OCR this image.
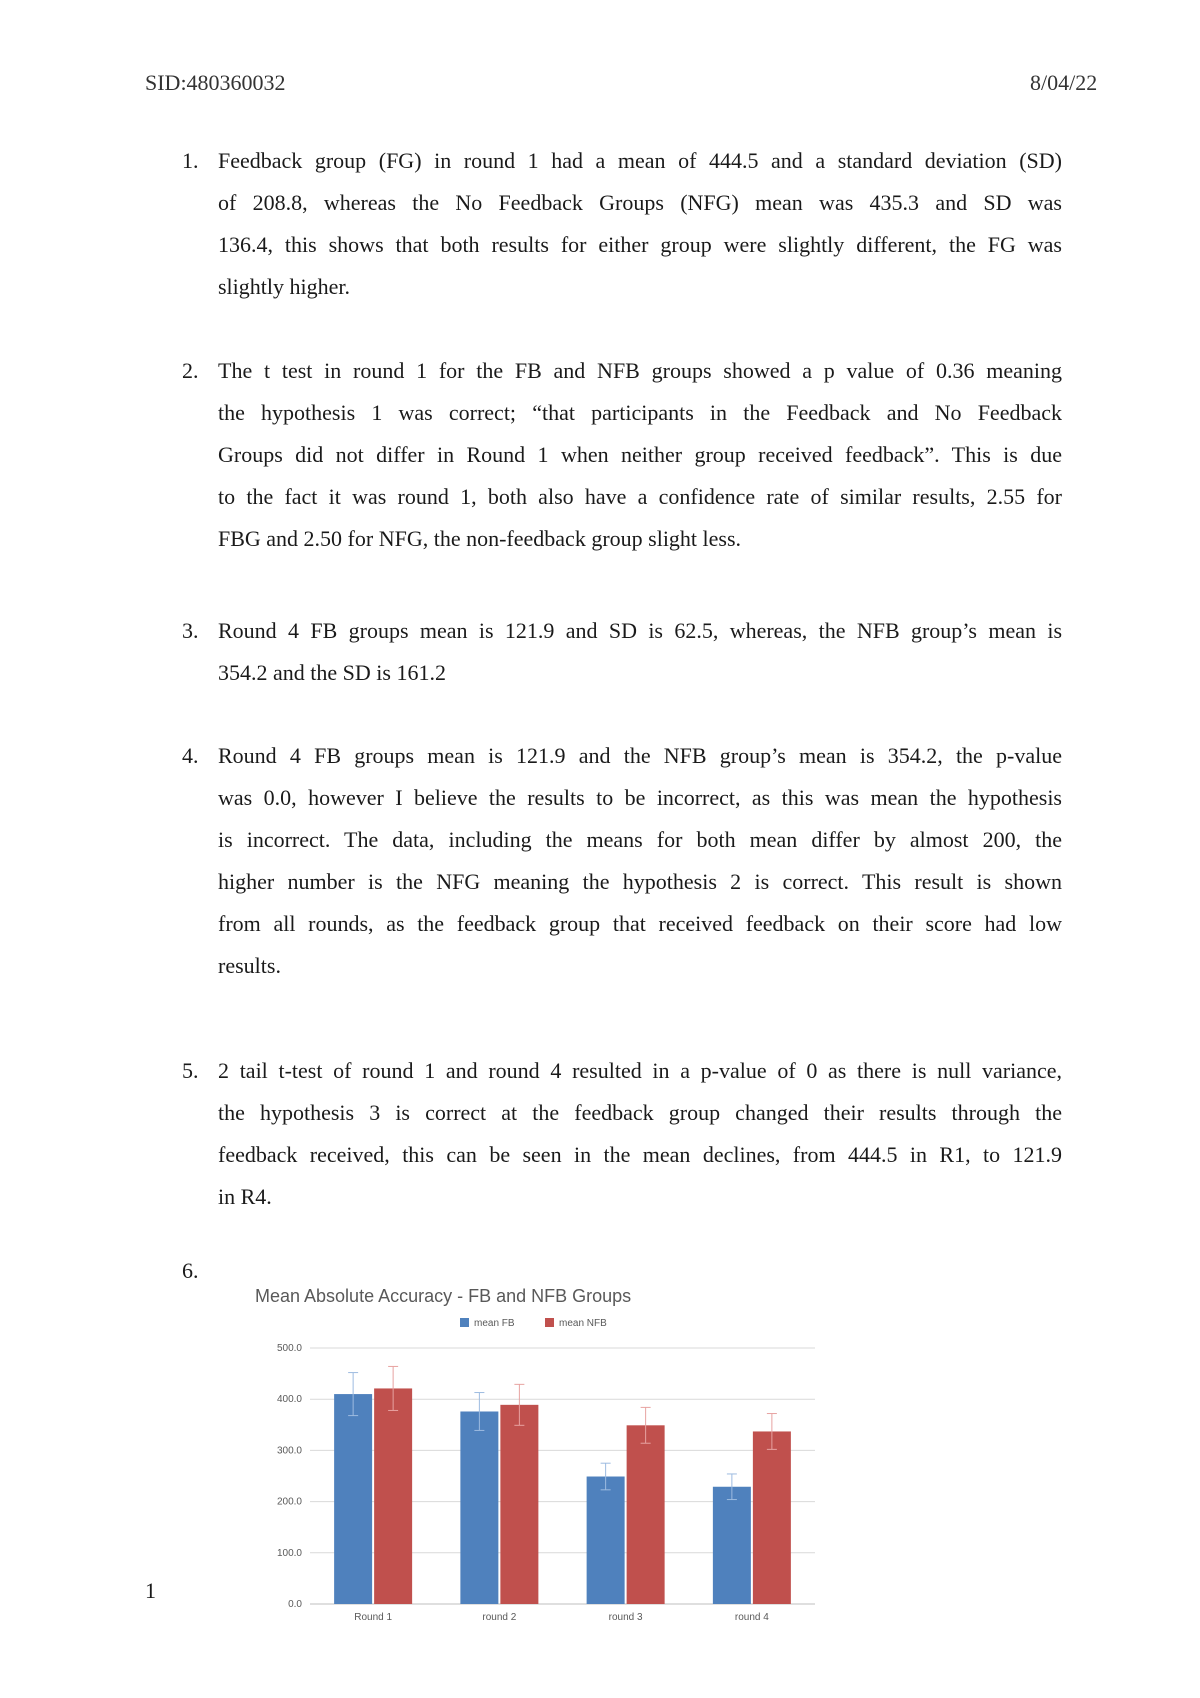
SID:480360032	8/04/22
1. Feedback group (FG) in round 1 had a mean of 444.5 and a standard deviation (SD)
of 208.8, whereas the No Feedback Groups (NFG) mean was 435.3 and SD was
136.4, this shows that both results for either group were slightly different, the FG was
slightly higher.
2. The t test in round 1 for the FB and NFB groups showed a p value of 0.36 meaning
the hypothesis 1 was correct; “that participants in the Feedback and No Feedback
Groups did not differ in Round 1 when neither group received feedback”. This is due
to the fact it was round 1, both also have a confidence rate of similar results, 2.55 for
FBG and 2.50 for NFG, the non-feedback group slight less.
3. Round 4 FB groups mean is 121.9 and SD is 62.5, whereas, the NFB group’s mean is
354.2 and the SD is 161.2
4. Round 4 FB groups mean is 121.9 and the NFB group’s mean is 354.2, the p-value
was 0.0, however I believe the results to be incorrect, as this was mean the hypothesis
is incorrect. The data, including the means for both mean differ by almost 200, the
higher number is the NFG meaning the hypothesis 2 is correct. This result is shown
from all rounds, as the feedback group that received feedback on their score had low
results.
5. 2 tail t-test of round 1 and round 4 resulted in a p-value of 0 as there is null variance,
the hypothesis 3 is correct at the feedback group changed their results through the
feedback received, this can be seen in the mean declines, from 444.5 in R1, to 121.9
in R4.
6.
Mean Absolute Accuracy - FB and NFB Groups
mean FB	mean NFB
0.0
100.0
200.0
300.0
400.0
500.0
Round 1	round 2	round 3	round 4
1
